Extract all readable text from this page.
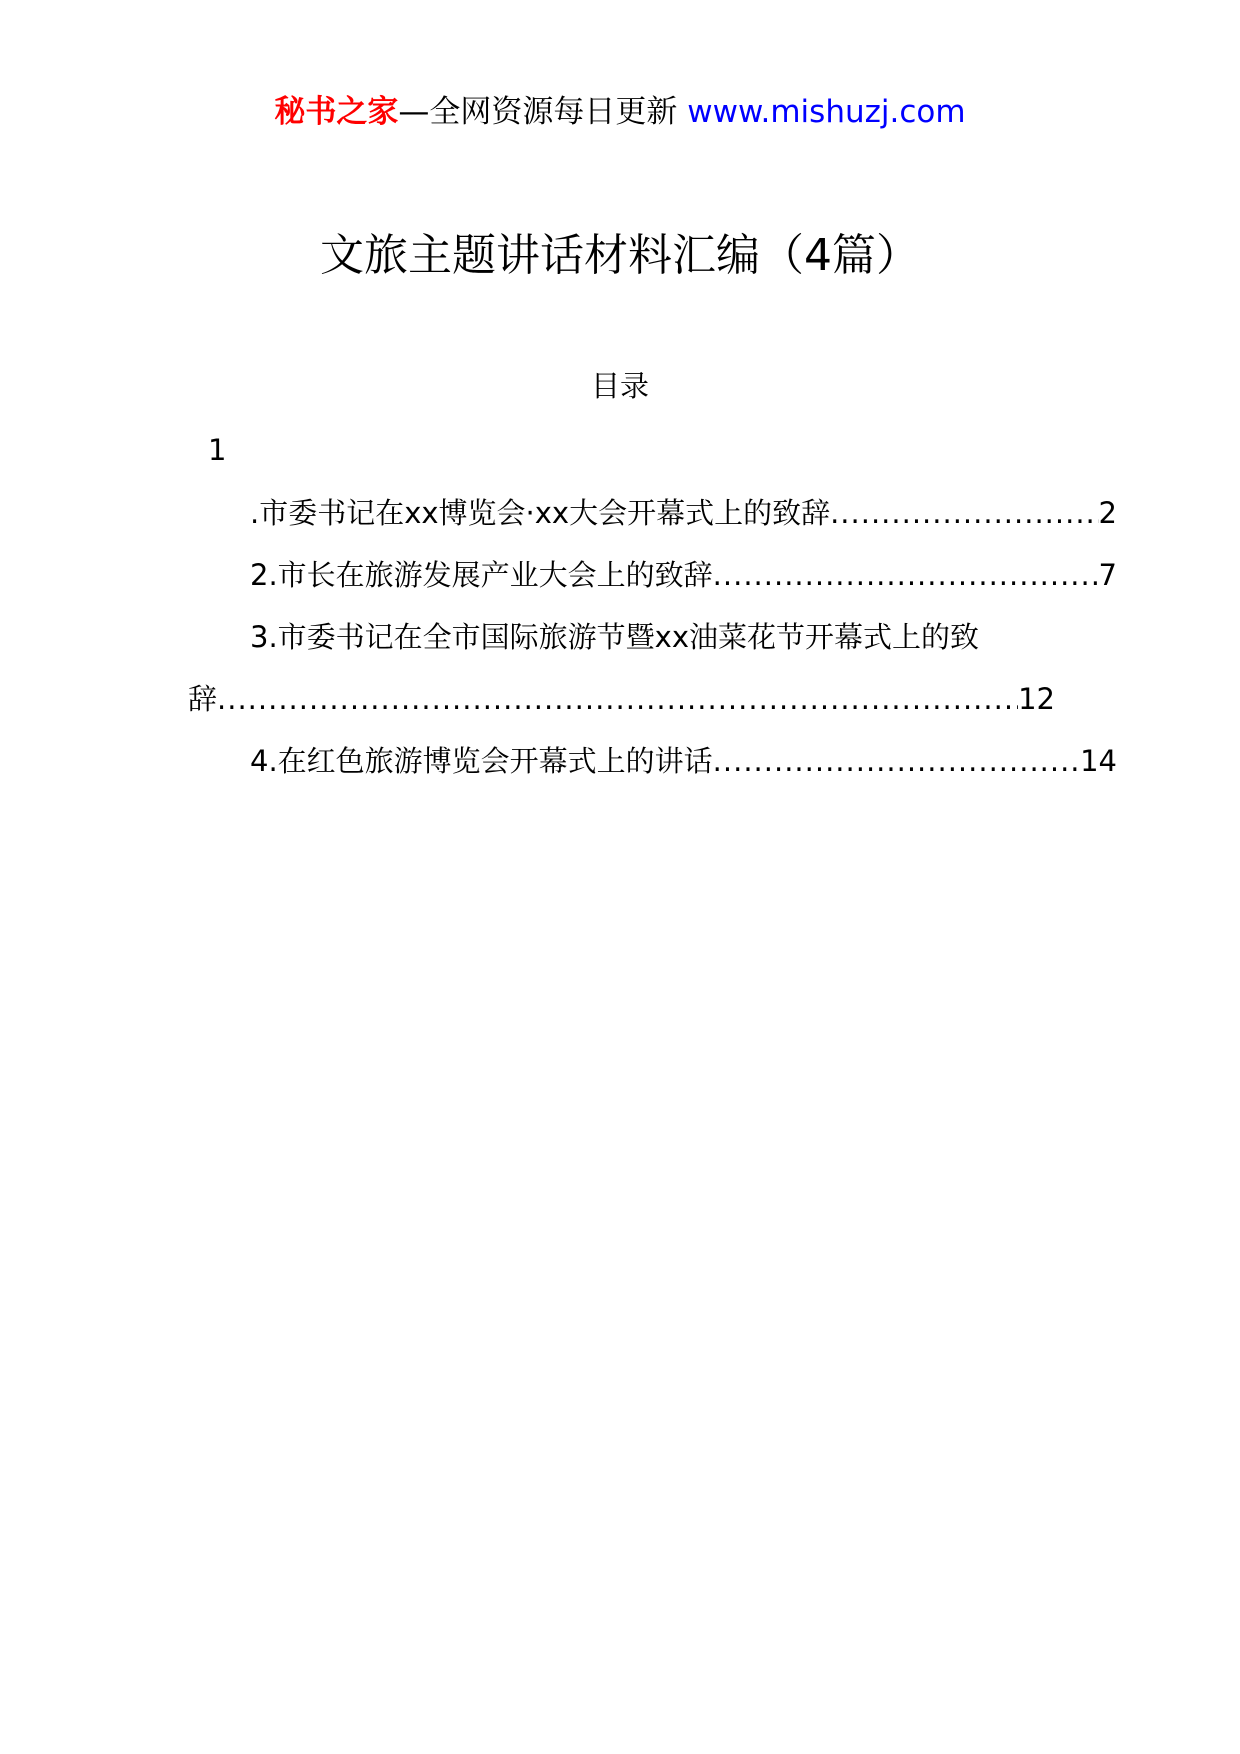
秘书之家—全网资源每日更新 www.mishuzj.com
文旅主题讲话材料汇编（4篇）
目录
1
.市委书记在xx博览会·xx大会开幕式上的致辞 .....	2
2.市长在旅游发展产业大会上的致辞 .....	7
3.市委书记在全市国际旅游节暨xx油菜花节开幕式上的致
辞 .....	12
4.在红色旅游博览会开幕式上的讲话 .....	14
